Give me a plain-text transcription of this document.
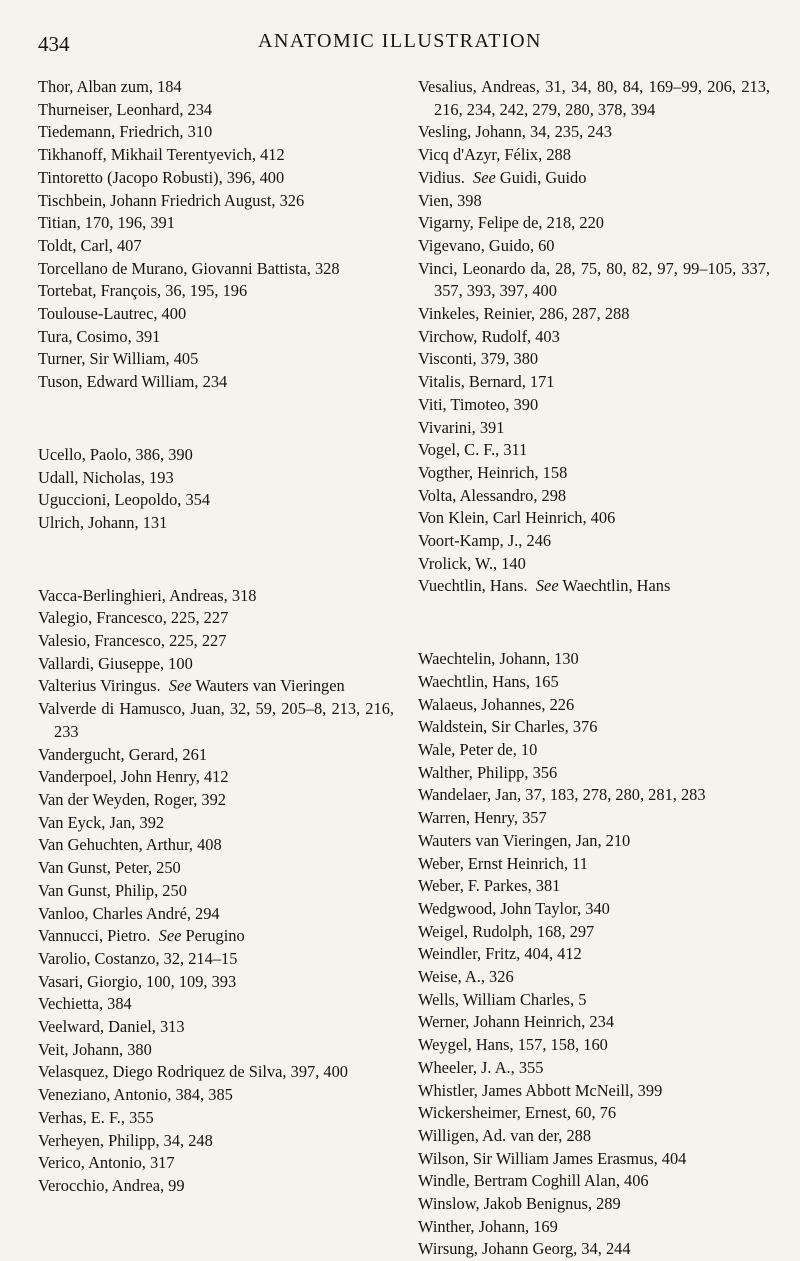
434	ANATOMIC ILLUSTRATION
Thor, Alban zum, 184
Thurneiser, Leonhard, 234
Tiedemann, Friedrich, 310
Tikhanoff, Mikhail Terentyevich, 412
Tintoretto (Jacopo Robusti), 396, 400
Tischbein, Johann Friedrich August, 326
Titian, 170, 196, 391
Toldt, Carl, 407
Torcellano de Murano, Giovanni Battista, 328
Tortebat, François, 36, 195, 196
Toulouse-Lautrec, 400
Tura, Cosimo, 391
Turner, Sir William, 405
Tuson, Edward William, 234
Ucello, Paolo, 386, 390
Udall, Nicholas, 193
Uguccioni, Leopoldo, 354
Ulrich, Johann, 131
Vacca-Berlinghieri, Andreas, 318
Valegio, Francesco, 225, 227
Valesio, Francesco, 225, 227
Vallardi, Giuseppe, 100
Valterius Viringus.  See Wauters van Vieringen
Valverde di Hamusco, Juan, 32, 59, 205–8, 213, 216, 233
Vandergucht, Gerard, 261
Vanderpoel, John Henry, 412
Van der Weyden, Roger, 392
Van Eyck, Jan, 392
Van Gehuchten, Arthur, 408
Van Gunst, Peter, 250
Van Gunst, Philip, 250
Vanloo, Charles André, 294
Vannucci, Pietro.  See Perugino
Varolio, Costanzo, 32, 214–15
Vasari, Giorgio, 100, 109, 393
Vechietta, 384
Veelward, Daniel, 313
Veit, Johann, 380
Velasquez, Diego Rodriquez de Silva, 397, 400
Veneziano, Antonio, 384, 385
Verhas, E. F., 355
Verheyen, Philipp, 34, 248
Verico, Antonio, 317
Verocchio, Andrea, 99
Vesalius, Andreas, 31, 34, 80, 84, 169–99, 206, 213, 216, 234, 242, 279, 280, 378, 394
Vesling, Johann, 34, 235, 243
Vicq d'Azyr, Félix, 288
Vidius.  See Guidi, Guido
Vien, 398
Vigarny, Felipe de, 218, 220
Vigevano, Guido, 60
Vinci, Leonardo da, 28, 75, 80, 82, 97, 99–105, 337, 357, 393, 397, 400
Vinkeles, Reinier, 286, 287, 288
Virchow, Rudolf, 403
Visconti, 379, 380
Vitalis, Bernard, 171
Viti, Timoteo, 390
Vivarini, 391
Vogel, C. F., 311
Vogther, Heinrich, 158
Volta, Alessandro, 298
Von Klein, Carl Heinrich, 406
Voort-Kamp, J., 246
Vrolick, W., 140
Vuechtlin, Hans.  See Waechtlin, Hans
Waechtelin, Johann, 130
Waechtlin, Hans, 165
Walaeus, Johannes, 226
Waldstein, Sir Charles, 376
Wale, Peter de, 10
Walther, Philipp, 356
Wandelaer, Jan, 37, 183, 278, 280, 281, 283
Warren, Henry, 357
Wauters van Vieringen, Jan, 210
Weber, Ernst Heinrich, 11
Weber, F. Parkes, 381
Wedgwood, John Taylor, 340
Weigel, Rudolph, 168, 297
Weindler, Fritz, 404, 412
Weise, A., 326
Wells, William Charles, 5
Werner, Johann Heinrich, 234
Weygel, Hans, 157, 158, 160
Wheeler, J. A., 355
Whistler, James Abbott McNeill, 399
Wickersheimer, Ernest, 60, 76
Willigen, Ad. van der, 288
Wilson, Sir William James Erasmus, 404
Windle, Bertram Coghill Alan, 406
Winslow, Jakob Benignus, 289
Winther, Johann, 169
Wirsung, Johann Georg, 34, 244
